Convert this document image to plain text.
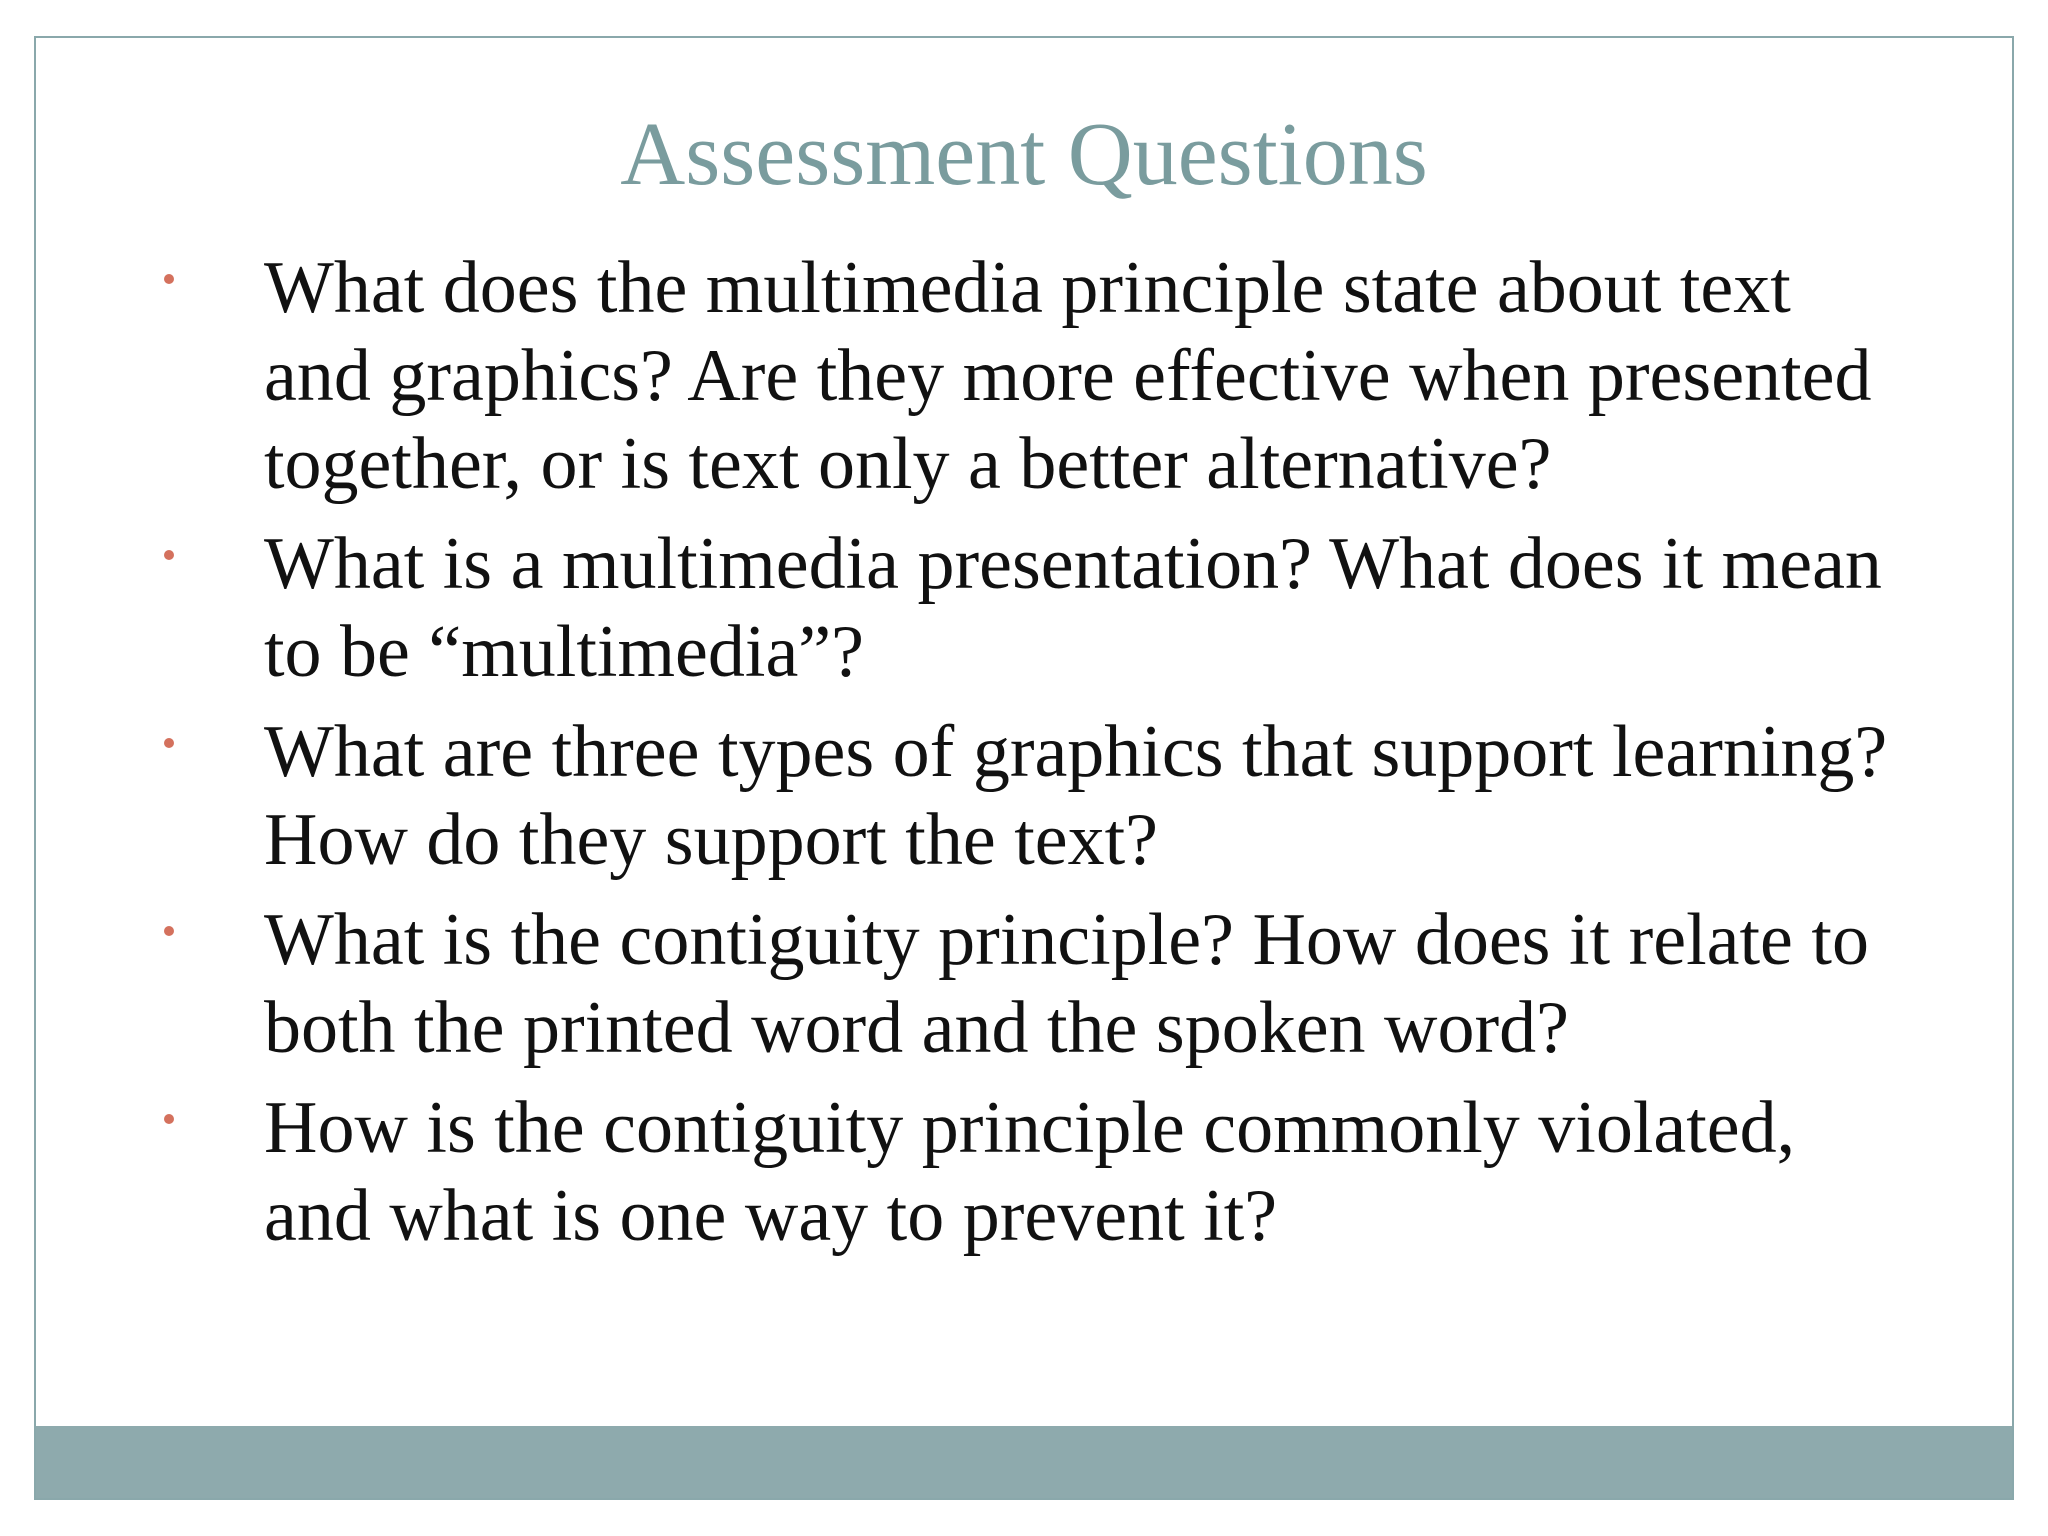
Assessment Questions
What does the multimedia principle state about text and graphics? Are they more effective when presented together, or is text only a better alternative?
What is a multimedia presentation? What does it mean to be “multimedia”?
What are three types of graphics that support learning? How do they support the text?
What is the contiguity principle? How does it relate to both the printed word and the spoken word?
How is the contiguity principle commonly violated, and what is one way to prevent it?
